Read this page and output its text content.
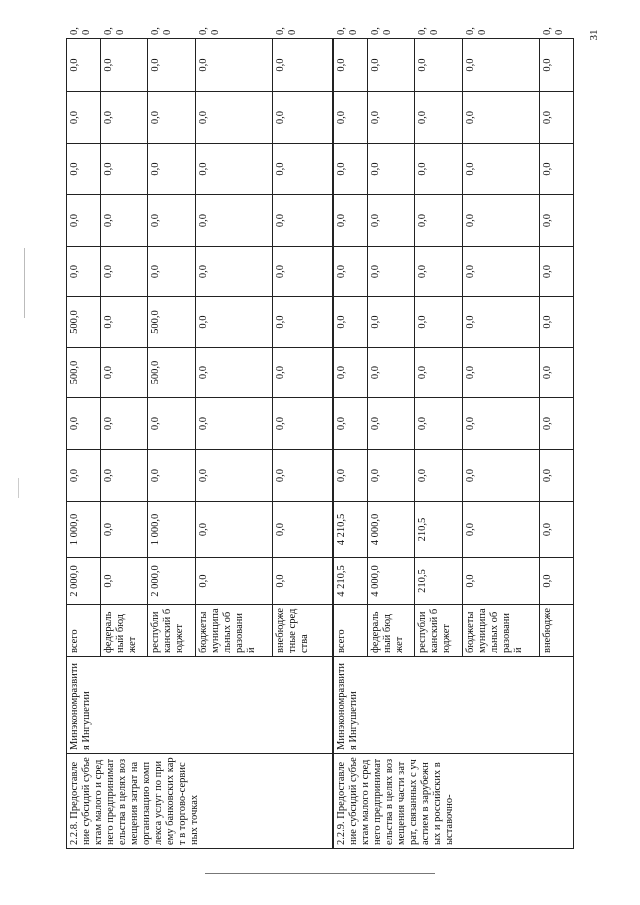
31
2.2.8. Предоставление субсидий субъектам малого и среднего предпринимательства в целях возмещения затрат на организацию комплекса услуг по приему банковских карт в торгово-сервисных точках	Минэкономразвития Ингушетии	всего	2 000,0	1 000,0	0,0	0,0	500,0	500,0	0,0	0,0	0,0	0,0	0,0	0,0
		федеральный бюджет	0,0	0,0	0,0	0,0	0,0	0,0	0,0	0,0	0,0	0,0	0,0	0,0
		республиканский бюджет	2 000,0	1 000,0	0,0	0,0	500,0	500,0	0,0	0,0	0,0	0,0	0,0	0,0
		бюджеты муниципальных образований	0,0	0,0	0,0	0,0	0,0	0,0	0,0	0,0	0,0	0,0	0,0	0,0
		внебюджетные средства	0,0	0,0	0,0	0,0	0,0	0,0	0,0	0,0	0,0	0,0	0,0	0,0
2.2.9. Предоставление субсидий субъектам малого и среднего предпринимательства в целях возмещения части затрат, связанных с участием в зарубежных и российских выставочно-	Минэкономразвития Ингушетии	всего	4 210,5	4 210,5	0,0	0,0	0,0	0,0	0,0	0,0	0,0	0,0	0,0	0,0
		федеральный бюджет	4 000,0	4 000,0	0,0	0,0	0,0	0,0	0,0	0,0	0,0	0,0	0,0	0,0
		республиканский бюджет	210,5	210,5	0,0	0,0	0,0	0,0	0,0	0,0	0,0	0,0	0,0	0,0
		бюджеты муниципальных образований	0,0	0,0	0,0	0,0	0,0	0,0	0,0	0,0	0,0	0,0	0,0	0,0
		внебюдже	0,0	0,0	0,0	0,0	0,0	0,0	0,0	0,0	0,0	0,0	0,0	0,0
